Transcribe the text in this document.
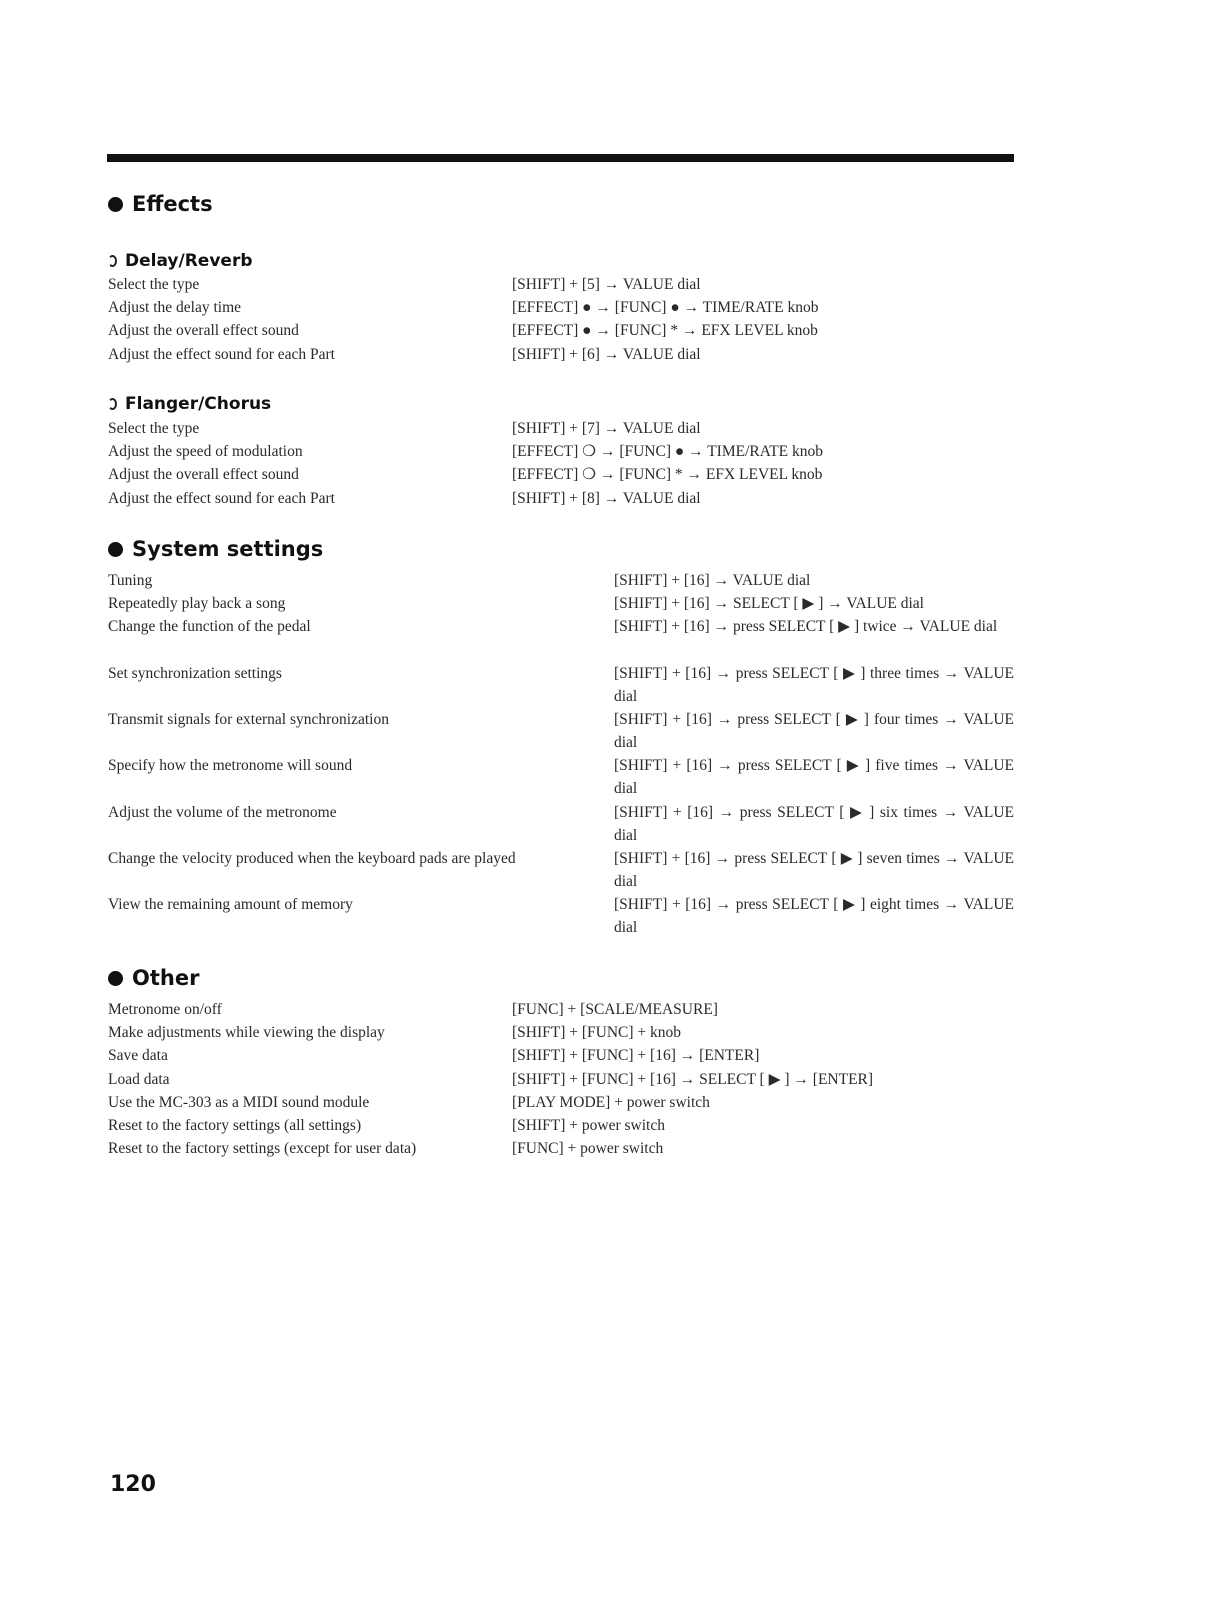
Effects
Delay/Reverb
Select the type	[SHIFT] + [5] → VALUE dial
Adjust the delay time	[EFFECT] ● → [FUNC] ● → TIME/RATE knob
Adjust the overall effect sound	[EFFECT] ● → [FUNC] * → EFX LEVEL knob
Adjust the effect sound for each Part	[SHIFT] + [6] → VALUE dial
Flanger/Chorus
Select the type	[SHIFT] + [7] → VALUE dial
Adjust the speed of modulation	[EFFECT] ❍ → [FUNC] ● → TIME/RATE knob
Adjust the overall effect sound	[EFFECT] ❍ → [FUNC] * → EFX LEVEL knob
Adjust the effect sound for each Part	[SHIFT] + [8] → VALUE dial
System settings
Tuning	[SHIFT] + [16] → VALUE dial
Repeatedly play back a song	[SHIFT] + [16] → SELECT [ ▶ ] → VALUE dial
Change the function of the pedal	[SHIFT] + [16] → press SELECT [ ▶ ] twice → VALUE dial
Set synchronization settings	[SHIFT] + [16] → press SELECT [ ▶ ] three times → VALUE dial
Transmit signals for external synchronization	[SHIFT] + [16] → press SELECT [ ▶ ] four times → VALUE dial
Specify how the metronome will sound	[SHIFT] + [16] → press SELECT [ ▶ ] five times → VALUE dial
Adjust the volume of the metronome	[SHIFT] + [16] → press SELECT [ ▶ ] six times → VALUE dial
Change the velocity produced when the keyboard pads are played	[SHIFT] + [16] → press SELECT [ ▶ ] seven times → VALUE dial
View the remaining amount of memory	[SHIFT] + [16] → press SELECT [ ▶ ] eight times → VALUE dial
Other
Metronome on/off	[FUNC] + [SCALE/MEASURE]
Make adjustments while viewing the display	[SHIFT] + [FUNC] + knob
Save data	[SHIFT] + [FUNC] + [16] → [ENTER]
Load data	[SHIFT] + [FUNC] + [16] → SELECT [ ▶ ] → [ENTER]
Use the MC-303 as a MIDI sound module	[PLAY MODE] + power switch
Reset to the factory settings (all settings)	[SHIFT] + power switch
Reset to the factory settings (except for user data)	[FUNC] + power switch
120
